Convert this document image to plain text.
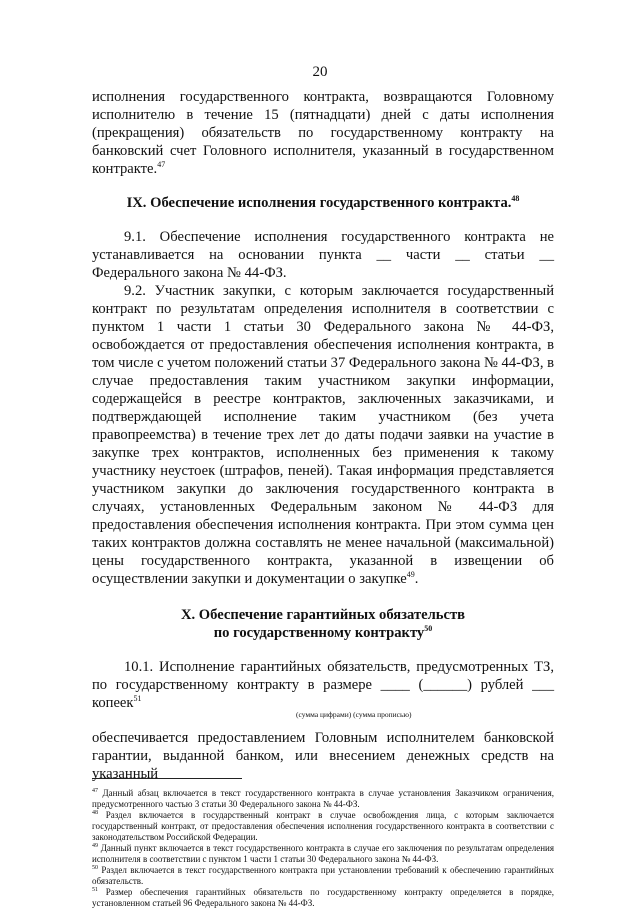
20

исполнения государственного контракта, возвращаются Головному исполнителю в течение 15 (пятнадцати) дней с даты исполнения (прекращения) обязательств по государственному контракту на банковский счет Головного исполнителя, указанный в государственном контракте.$^{47}$

IX. Обеспечение исполнения государственного контракта.$^{48}$

9.1. Обеспечение исполнения государственного контракта не устанавливается на основании пункта __ части __ статьи __ Федерального закона № 44-ФЗ.

9.2. Участник закупки, с которым заключается государственный контракт по результатам определения исполнителя в соответствии с пунктом 1 части 1 статьи 30 Федерального закона № 44-ФЗ, освобождается от предоставления обеспечения исполнения контракта, в том числе с учетом положений статьи 37 Федерального закона № 44-ФЗ, в случае предоставления таким участником закупки информации, содержащейся в реестре контрактов, заключенных заказчиками, и подтверждающей исполнение таким участником (без учета правопреемства) в течение трех лет до даты подачи заявки на участие в закупке трех контрактов, исполненных без применения к такому участнику неустоек (штрафов, пеней). Такая информация представляется участником закупки до заключения государственного контракта в случаях, установленных Федеральным законом № 44-ФЗ для предоставления обеспечения исполнения контракта. При этом сумма цен таких контрактов должна составлять не менее начальной (максимальной) цены государственного контракта, указанной в извещении об осуществлении закупки и документации о закупке$^{49}$.

X. Обеспечение гарантийных обязательств

по государственному контракту$^{50}$

10.1. Исполнение гарантийных обязательств, предусмотренных ТЗ, по государственному контракту в размере ____ (______) рублей ___ копеек$^{51}$

(сумма цифрами) (сумма прописью)

обеспечивается предоставлением Головным исполнителем банковской гарантии, выданной банком, или внесением денежных средств на указанный

$^{47}$ Данный абзац включается в текст государственного контракта в случае установления Заказчиком ограничения, предусмотренного частью 3 статьи 30 Федерального закона № 44-ФЗ.

$^{48}$ Раздел включается в государственный контракт в случае освобождения лица, с которым заключается государственный контракт, от предоставления обеспечения исполнения государственного контракта в соответствии с законодательством Российской Федерации.

$^{49}$ Данный пункт включается в текст государственного контракта в случае его заключения по результатам определения исполнителя в соответствии с пунктом 1 части 1 статьи 30 Федерального закона № 44-ФЗ.

$^{50}$ Раздел включается в текст государственного контракта при установлении требований к обеспечению гарантийных обязательств.

$^{51}$ Размер обеспечения гарантийных обязательств по государственному контракту определяется в порядке, установленном статьей 96 Федерального закона № 44-ФЗ.
